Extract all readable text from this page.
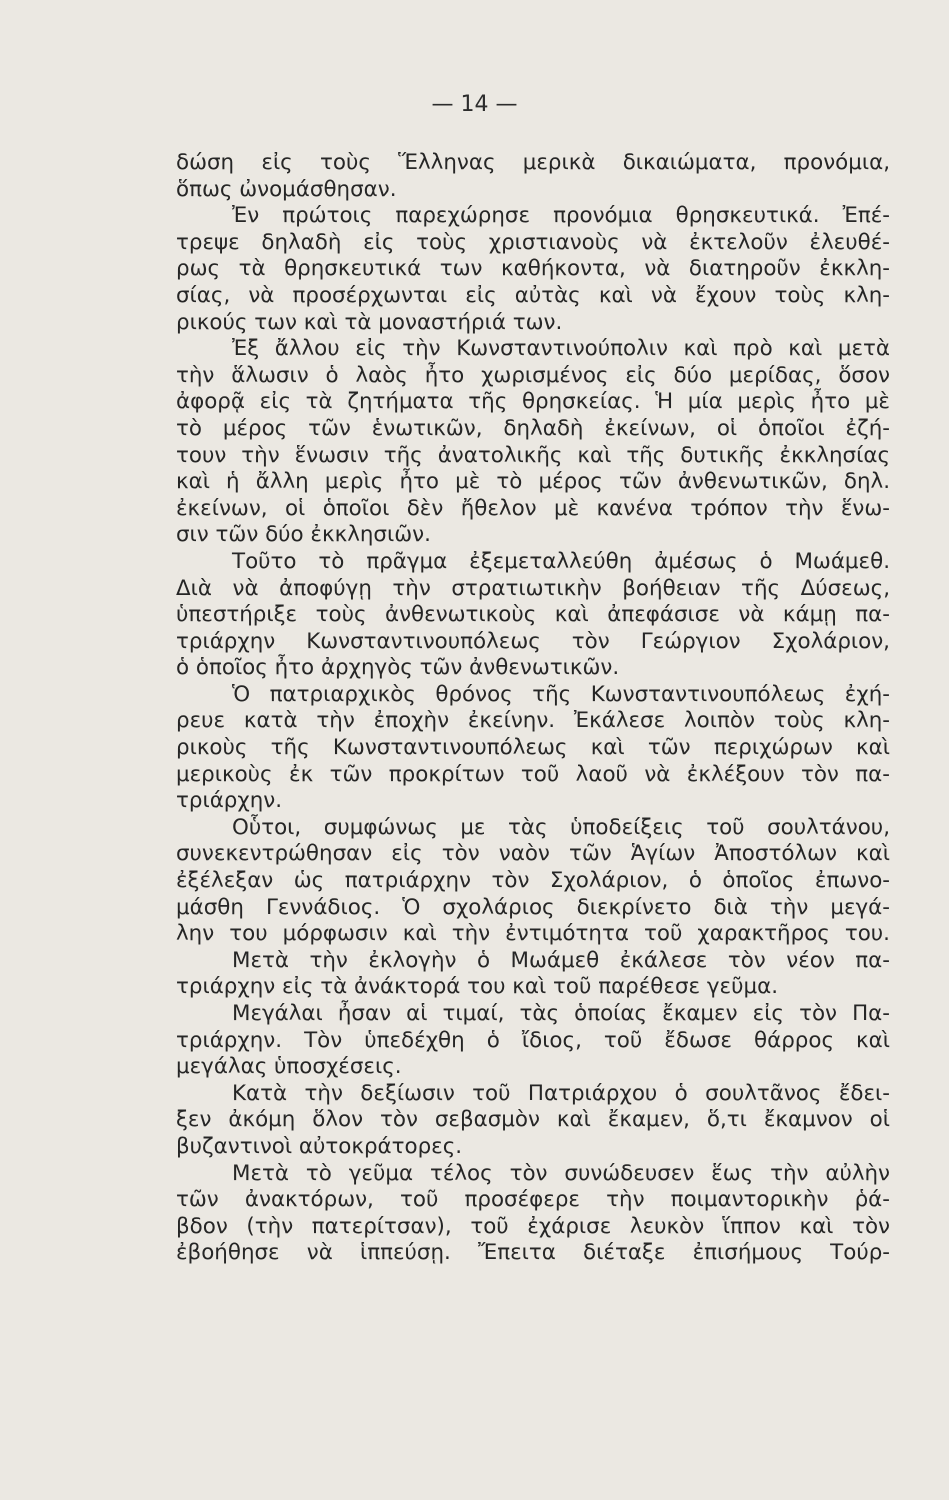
— 14 —
δώση εἰς τοὺς Ἕλληνας μερικὰ δικαιώματα, προνόμια,
ὅπως ὠνομάσθησαν.
Ἐν πρώτοις παρεχώρησε προνόμια θρησκευτικά. Ἐπέ-
τρεψε δηλαδὴ εἰς τοὺς χριστιανοὺς νὰ ἐκτελοῦν ἐλευθέ-
ρως τὰ θρησκευτικά των καθήκοντα, νὰ διατηροῦν ἐκκλη-
σίας, νὰ προσέρχωνται εἰς αὐτὰς καὶ νὰ ἔχουν τοὺς κλη-
ρικούς των καὶ τὰ μοναστήριά των.
Ἐξ ἄλλου εἰς τὴν Κωνσταντινούπολιν καὶ πρὸ καὶ μετὰ
τὴν ἅλωσιν ὁ λαὸς ἦτο χωρισμένος εἰς δύο μερίδας, ὅσον
ἀφορᾷ εἰς τὰ ζητήματα τῆς θρησκείας. Ἡ μία μερὶς ἦτο μὲ
τὸ μέρος τῶν ἑνωτικῶν, δηλαδὴ ἐκείνων, οἱ ὁποῖοι ἐζή-
τουν τὴν ἕνωσιν τῆς ἀνατολικῆς καὶ τῆς δυτικῆς ἐκκλησίας
καὶ ἡ ἄλλη μερὶς ἦτο μὲ τὸ μέρος τῶν ἀνθενωτικῶν, δηλ.
ἐκείνων, οἱ ὁποῖοι δὲν ἤθελον μὲ κανένα τρόπον τὴν ἕνω-
σιν τῶν δύο ἐκκλησιῶν.
Τοῦτο τὸ πρᾶγμα ἐξεμεταλλεύθη ἀμέσως ὁ Μωάμεθ.
Διὰ νὰ ἀποφύγῃ τὴν στρατιωτικὴν βοήθειαν τῆς Δύσεως,
ὑπεστήριξε τοὺς ἀνθενωτικοὺς καὶ ἀπεφάσισε νὰ κάμῃ πα-
τριάρχην Κωνσταντινουπόλεως τὸν Γεώργιον Σχολάριον,
ὁ ὁποῖος ἦτο ἀρχηγὸς τῶν ἀνθενωτικῶν.
Ὁ πατριαρχικὸς θρόνος τῆς Κωνσταντινουπόλεως ἐχή-
ρευε κατὰ τὴν ἐποχὴν ἐκείνην. Ἐκάλεσε λοιπὸν τοὺς κλη-
ρικοὺς τῆς Κωνσταντινουπόλεως καὶ τῶν περιχώρων καὶ
μερικοὺς ἐκ τῶν προκρίτων τοῦ λαοῦ νὰ ἐκλέξουν τὸν πα-
τριάρχην.
Οὗτοι, συμφώνως με τὰς ὑποδείξεις τοῦ σουλτάνου,
συνεκεντρώθησαν εἰς τὸν ναὸν τῶν Ἁγίων Ἀποστόλων καὶ
ἐξέλεξαν ὡς πατριάρχην τὸν Σχολάριον, ὁ ὁποῖος ἐπωνο-
μάσθη Γεννάδιος. Ὁ σχολάριος διεκρίνετο διὰ τὴν μεγά-
λην του μόρφωσιν καὶ τὴν ἐντιμότητα τοῦ χαρακτῆρος του.
Μετὰ τὴν ἐκλογὴν ὁ Μωάμεθ ἐκάλεσε τὸν νέον πα-
τριάρχην εἰς τὰ ἀνάκτορά του καὶ τοῦ παρέθεσε γεῦμα.
Μεγάλαι ἦσαν αἱ τιμαί, τὰς ὁποίας ἔκαμεν εἰς τὸν Πα-
τριάρχην. Τὸν ὑπεδέχθη ὁ ἴδιος, τοῦ ἔδωσε θάρρος καὶ
μεγάλας ὑποσχέσεις.
Κατὰ τὴν δεξίωσιν τοῦ Πατριάρχου ὁ σουλτᾶνος ἔδει-
ξεν ἀκόμη ὅλον τὸν σεβασμὸν καὶ ἔκαμεν, ὅ,τι ἔκαμνον οἱ
βυζαντινοὶ αὐτοκράτορες.
Μετὰ τὸ γεῦμα τέλος τὸν συνώδευσεν ἕως τὴν αὐλὴν
τῶν ἀνακτόρων, τοῦ προσέφερε τὴν ποιμαντορικὴν ῥά-
βδον (τὴν πατερίτσαν), τοῦ ἐχάρισε λευκὸν ἵππον καὶ τὸν
ἐβοήθησε νὰ ἱππεύσῃ. Ἔπειτα διέταξε ἐπισήμους Τούρ-
